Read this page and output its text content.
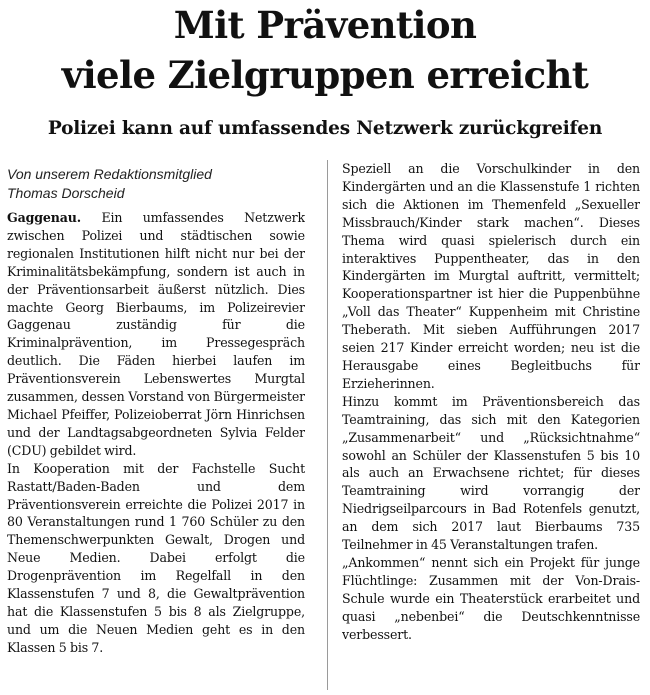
Mit Prävention
viele Zielgruppen erreicht
Polizei kann auf umfassendes Netzwerk zurückgreifen
Von unserem Redaktionsmitglied
Thomas Dorscheid

Gaggenau. Ein umfassendes Netzwerk zwischen Polizei und städtischen sowie regionalen Institutionen hilft nicht nur bei der Kriminalitätsbekämpfung, sondern ist auch in der Präventionsarbeit äußerst nützlich. Dies machte Georg Bierbaums, im Polizeirevier Gaggenau zuständig für die Kriminalprävention, im Pressegespräch deutlich. Die Fäden hierbei laufen im Präventionsverein Lebenswertes Murgtal zusammen, dessen Vorstand von Bürgermeister Michael Pfeiffer, Polizeioberrat Jörn Hinrichsen und der Landtagsabgeordneten Sylvia Felder (CDU) gebildet wird.

In Kooperation mit der Fachstelle Sucht Rastatt/Baden-Baden und dem Präventionsverein erreichte die Polizei 2017 in 80 Veranstaltungen rund 1 760 Schüler zu den Themenschwerpunkten Gewalt, Drogen und Neue Medien. Dabei erfolgt die Drogenprävention im Regelfall in den Klassenstufen 7 und 8, die Gewaltprävention hat die Klassenstufen 5 bis 8 als Zielgruppe, und um die Neuen Medien geht es in den Klassen 5 bis 7.

Speziell an die Vorschulkinder in den Kindergärten und an die Klassenstufe 1 richten sich die Aktionen im Themenfeld „Sexueller Missbrauch/Kinder stark machen“. Dieses Thema wird quasi spielerisch durch ein interaktives Puppentheater, das in den Kindergärten im Murgtal auftritt, vermittelt; Kooperationspartner ist hier die Puppenbühne „Voll das Theater“ Kuppenheim mit Christine Theberath. Mit sieben Aufführungen 2017 seien 217 Kinder erreicht worden; neu ist die Herausgabe eines Begleitbuchs für Erzieherinnen.

Hinzu kommt im Präventionsbereich das Teamtraining, das sich mit den Kategorien „Zusammenarbeit“ und „Rücksichtnahme“ sowohl an Schüler der Klassenstufen 5 bis 10 als auch an Erwachsene richtet; für dieses Teamtraining wird vorrangig der Niedrigseilparcours in Bad Rotenfels genutzt, an dem sich 2017 laut Bierbaums 735 Teilnehmer in 45 Veranstaltungen trafen.

„Ankommen“ nennt sich ein Projekt für junge Flüchtlinge: Zusammen mit der Von-Drais-Schule wurde ein Theaterstück erarbeitet und quasi „nebenbei“ die Deutschkenntnisse verbessert.
